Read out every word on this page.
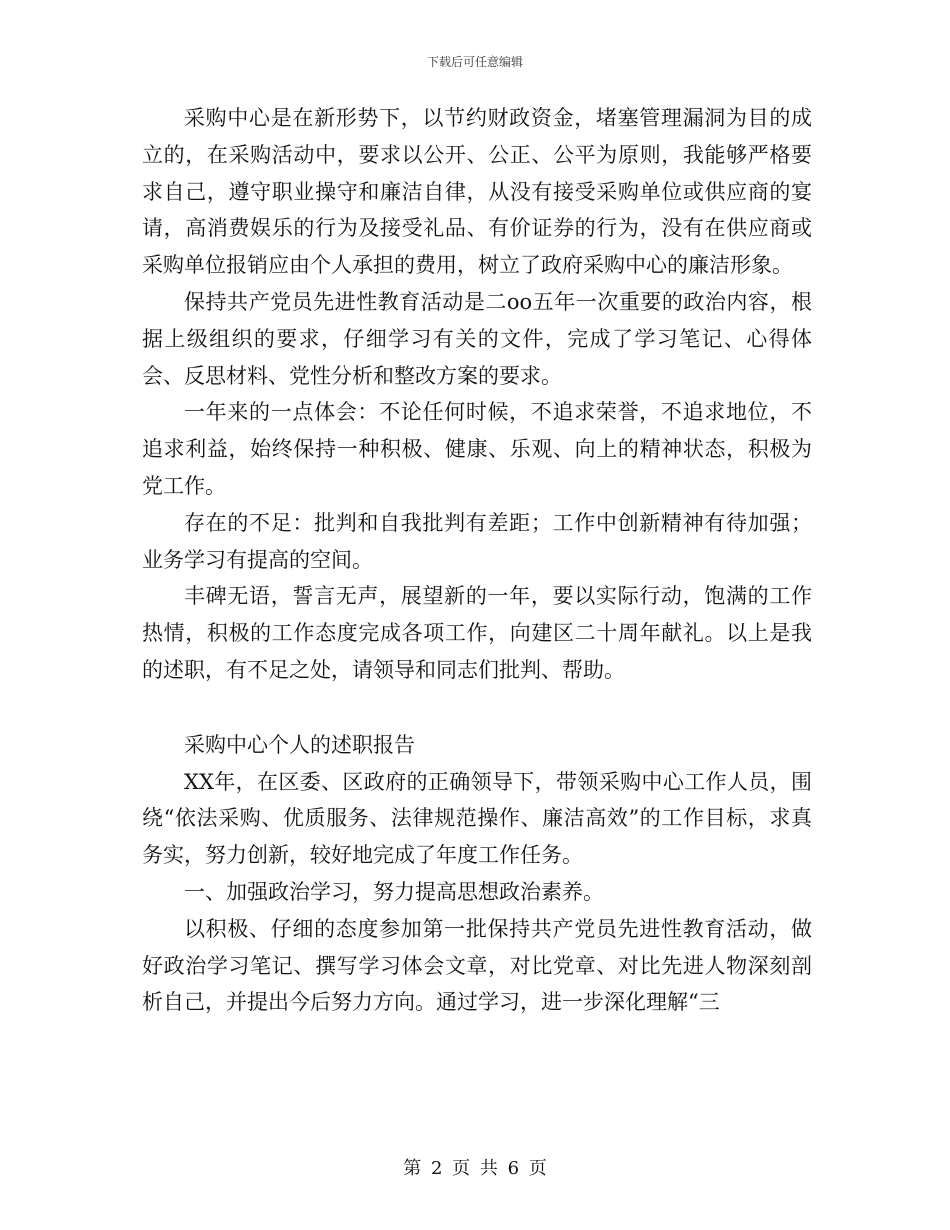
下载后可任意编辑

采购中心是在新形势下，以节约财政资金，堵塞管理漏洞为目的成立的，在采购活动中，要求以公开、公正、公平为原则，我能够严格要求自己，遵守职业操守和廉洁自律，从没有接受采购单位或供应商的宴请，高消费娱乐的行为及接受礼品、有价证券的行为，没有在供应商或采购单位报销应由个人承担的费用，树立了政府采购中心的廉洁形象。

保持共产党员先进性教育活动是二oo五年一次重要的政治内容，根据上级组织的要求，仔细学习有关的文件，完成了学习笔记、心得体会、反思材料、党性分析和整改方案的要求。

一年来的一点体会：不论任何时候，不追求荣誉，不追求地位，不追求利益，始终保持一种积极、健康、乐观、向上的精神状态，积极为党工作。

存在的不足：批判和自我批判有差距；工作中创新精神有待加强；业务学习有提高的空间。

丰碑无语，誓言无声，展望新的一年，要以实际行动，饱满的工作热情，积极的工作态度完成各项工作，向建区二十周年献礼。以上是我的述职，有不足之处，请领导和同志们批判、帮助。

采购中心个人的述职报告

XX年，在区委、区政府的正确领导下，带领采购中心工作人员，围绕“依法采购、优质服务、法律规范操作、廉洁高效”的工作目标，求真务实，努力创新，较好地完成了年度工作任务。

一、加强政治学习，努力提高思想政治素养。

以积极、仔细的态度参加第一批保持共产党员先进性教育活动，做好政治学习笔记、撰写学习体会文章，对比党章、对比先进人物深刻剖析自己，并提出今后努力方向。通过学习，进一步深化理解“三

第 2 页 共 6 页
